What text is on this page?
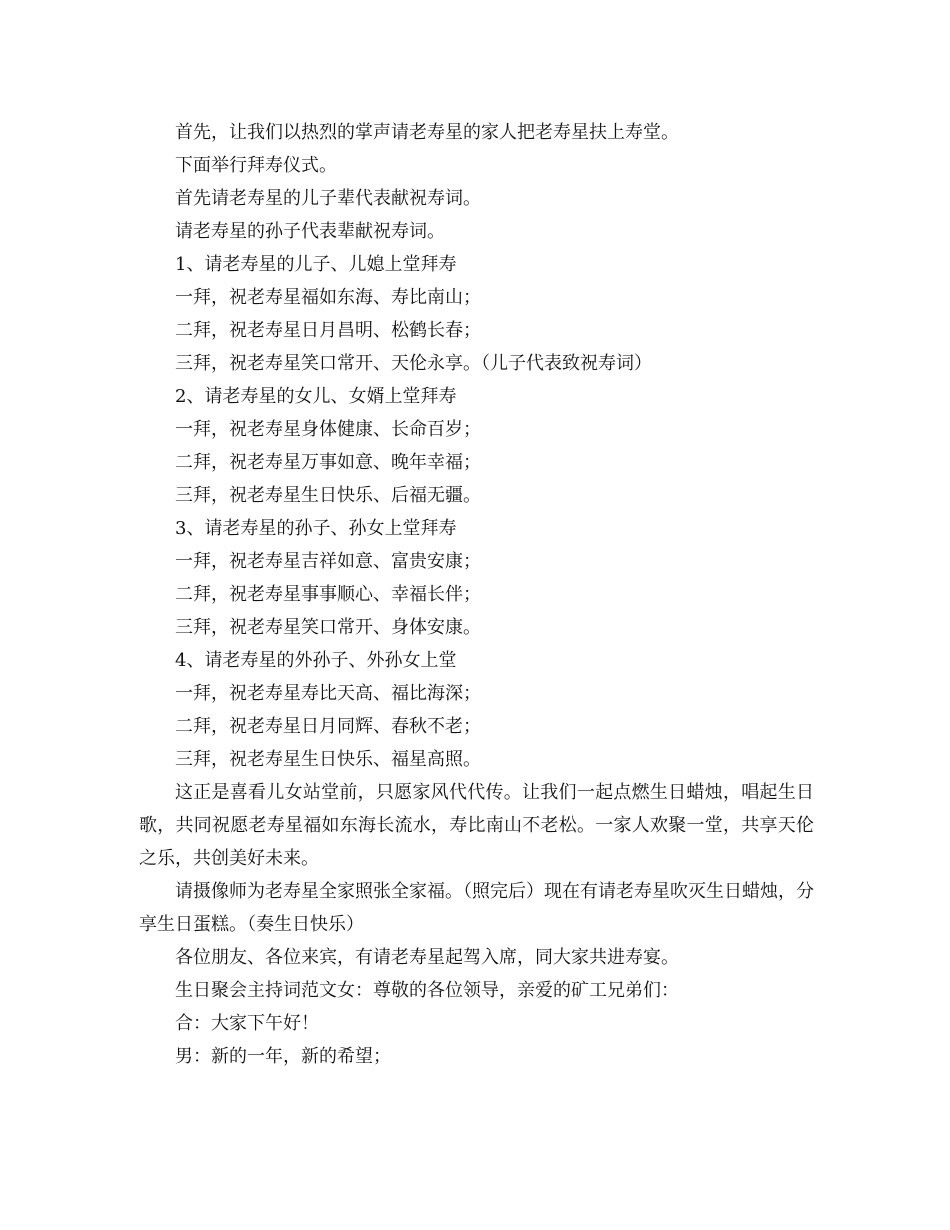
首先，让我们以热烈的掌声请老寿星的家人把老寿星扶上寿堂。

下面举行拜寿仪式。

首先请老寿星的儿子辈代表献祝寿词。

请老寿星的孙子代表辈献祝寿词。

1、请老寿星的儿子、儿媳上堂拜寿

一拜，祝老寿星福如东海、寿比南山；

二拜，祝老寿星日月昌明、松鹤长春；

三拜，祝老寿星笑口常开、天伦永享。（儿子代表致祝寿词）

2、请老寿星的女儿、女婿上堂拜寿

一拜，祝老寿星身体健康、长命百岁；

二拜，祝老寿星万事如意、晚年幸福；

三拜，祝老寿星生日快乐、后福无疆。

3、请老寿星的孙子、孙女上堂拜寿

一拜，祝老寿星吉祥如意、富贵安康；

二拜，祝老寿星事事顺心、幸福长伴；

三拜，祝老寿星笑口常开、身体安康。

4、请老寿星的外孙子、外孙女上堂

一拜，祝老寿星寿比天高、福比海深；

二拜，祝老寿星日月同辉、春秋不老；

三拜，祝老寿星生日快乐、福星高照。

这正是喜看儿女站堂前，只愿家风代代传。让我们一起点燃生日蜡烛，唱起生日歌，共同祝愿老寿星福如东海长流水，寿比南山不老松。一家人欢聚一堂，共享天伦之乐，共创美好未来。

请摄像师为老寿星全家照张全家福。（照完后）现在有请老寿星吹灭生日蜡烛，分享生日蛋糕。（奏生日快乐）

各位朋友、各位来宾，有请老寿星起驾入席，同大家共进寿宴。

生日聚会主持词范文女：尊敬的各位领导，亲爱的矿工兄弟们：

合：大家下午好！

男：新的一年，新的希望；
